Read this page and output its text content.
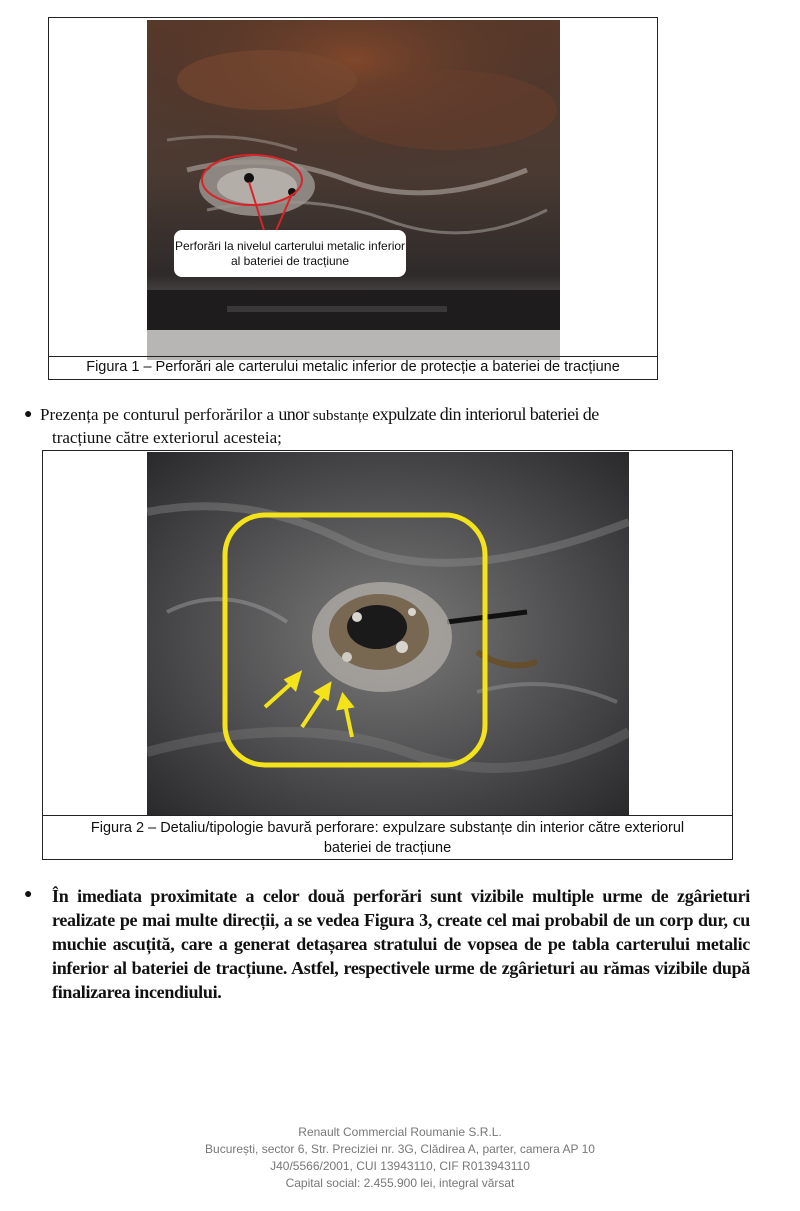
Perforări la nivelul carterului metalic inferior al bateriei de tracțiune
Figura 1 – Perforări ale carterului metalic inferior de protecție a bateriei de tracțiune
● Prezența pe conturul perforărilor a unor substanțe expulzate din interiorul bateriei de
tracțiune către exteriorul acesteia;
Figura 2 – Detaliu/tipologie bavură perforare: expulzare substanțe din interior către exteriorul
bateriei de tracțiune
● În imediata proximitate a celor două perforări sunt vizibile multiple urme de zgârieturi realizate pe mai multe direcții, a se vedea Figura 3, create cel mai probabil de un corp dur, cu muchie ascuțită, care a generat detașarea stratului de vopsea de pe tabla carterului metalic inferior al bateriei de tracțiune. Astfel, respectivele urme de zgârieturi au rămas vizibile după finalizarea incendiului.
Renault Commercial Roumanie S.R.L.
București, sector 6, Str. Preciziei nr. 3G, Clădirea A, parter, camera AP 10
J40/5566/2001, CUI 13943110, CIF R013943110
Capital social: 2.455.900 lei, integral vărsat
